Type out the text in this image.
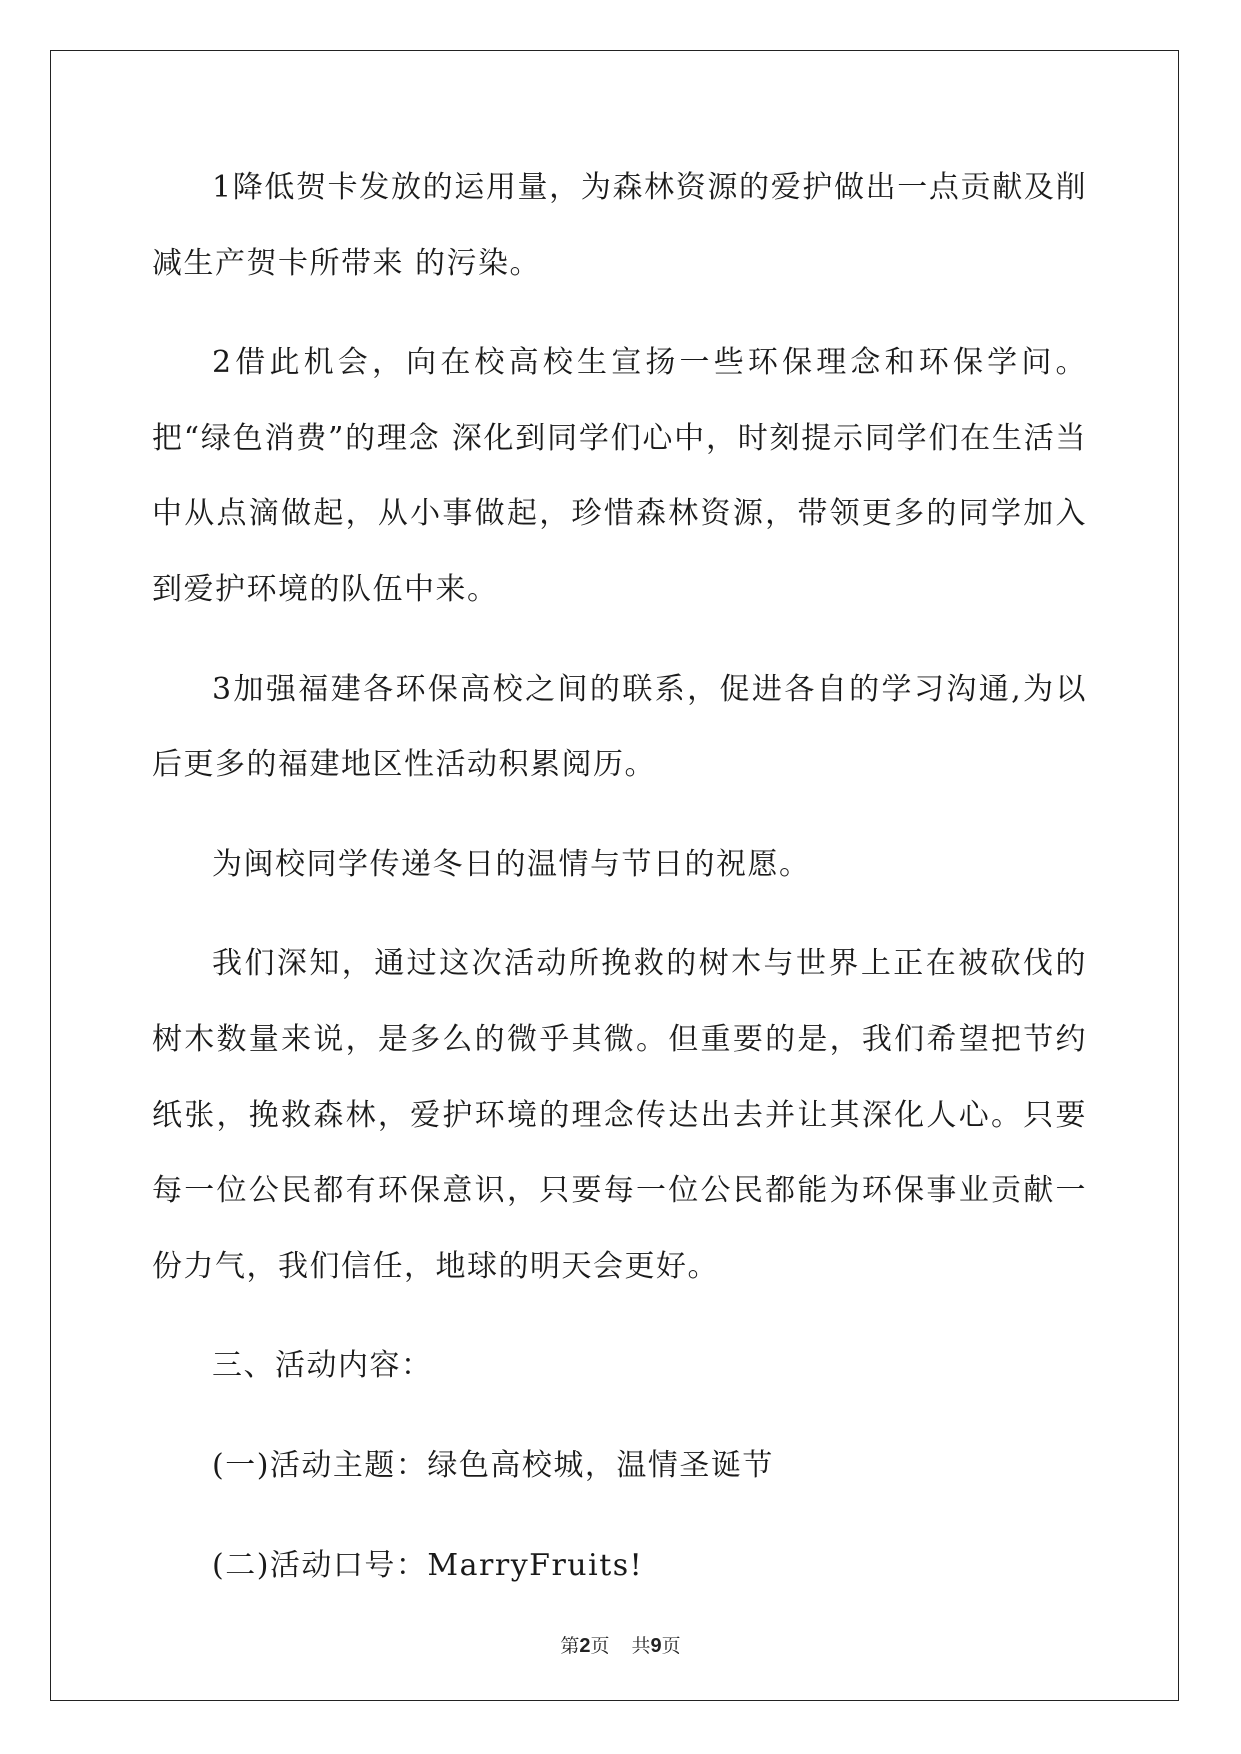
1降低贺卡发放的运用量，为森林资源的爱护做出一点贡献及削减生产贺卡所带来 的污染。

2借此机会，向在校高校生宣扬一些环保理念和环保学问。把“绿色消费”的理念 深化到同学们心中，时刻提示同学们在生活当中从点滴做起，从小事做起，珍惜森林资源，带领更多的同学加入到爱护环境的队伍中来。

3加强福建各环保高校之间的联系，促进各自的学习沟通,为以后更多的福建地区性活动积累阅历。

为闽校同学传递冬日的温情与节日的祝愿。

我们深知，通过这次活动所挽救的树木与世界上正在被砍伐的树木数量来说，是多么的微乎其微。但重要的是，我们希望把节约纸张，挽救森林，爱护环境的理念传达出去并让其深化人心。只要每一位公民都有环保意识，只要每一位公民都能为环保事业贡献一份力气，我们信任，地球的明天会更好。

三、活动内容：

(一)活动主题：绿色高校城，温情圣诞节

(二)活动口号：MarryFruits!

第2页 共9页
